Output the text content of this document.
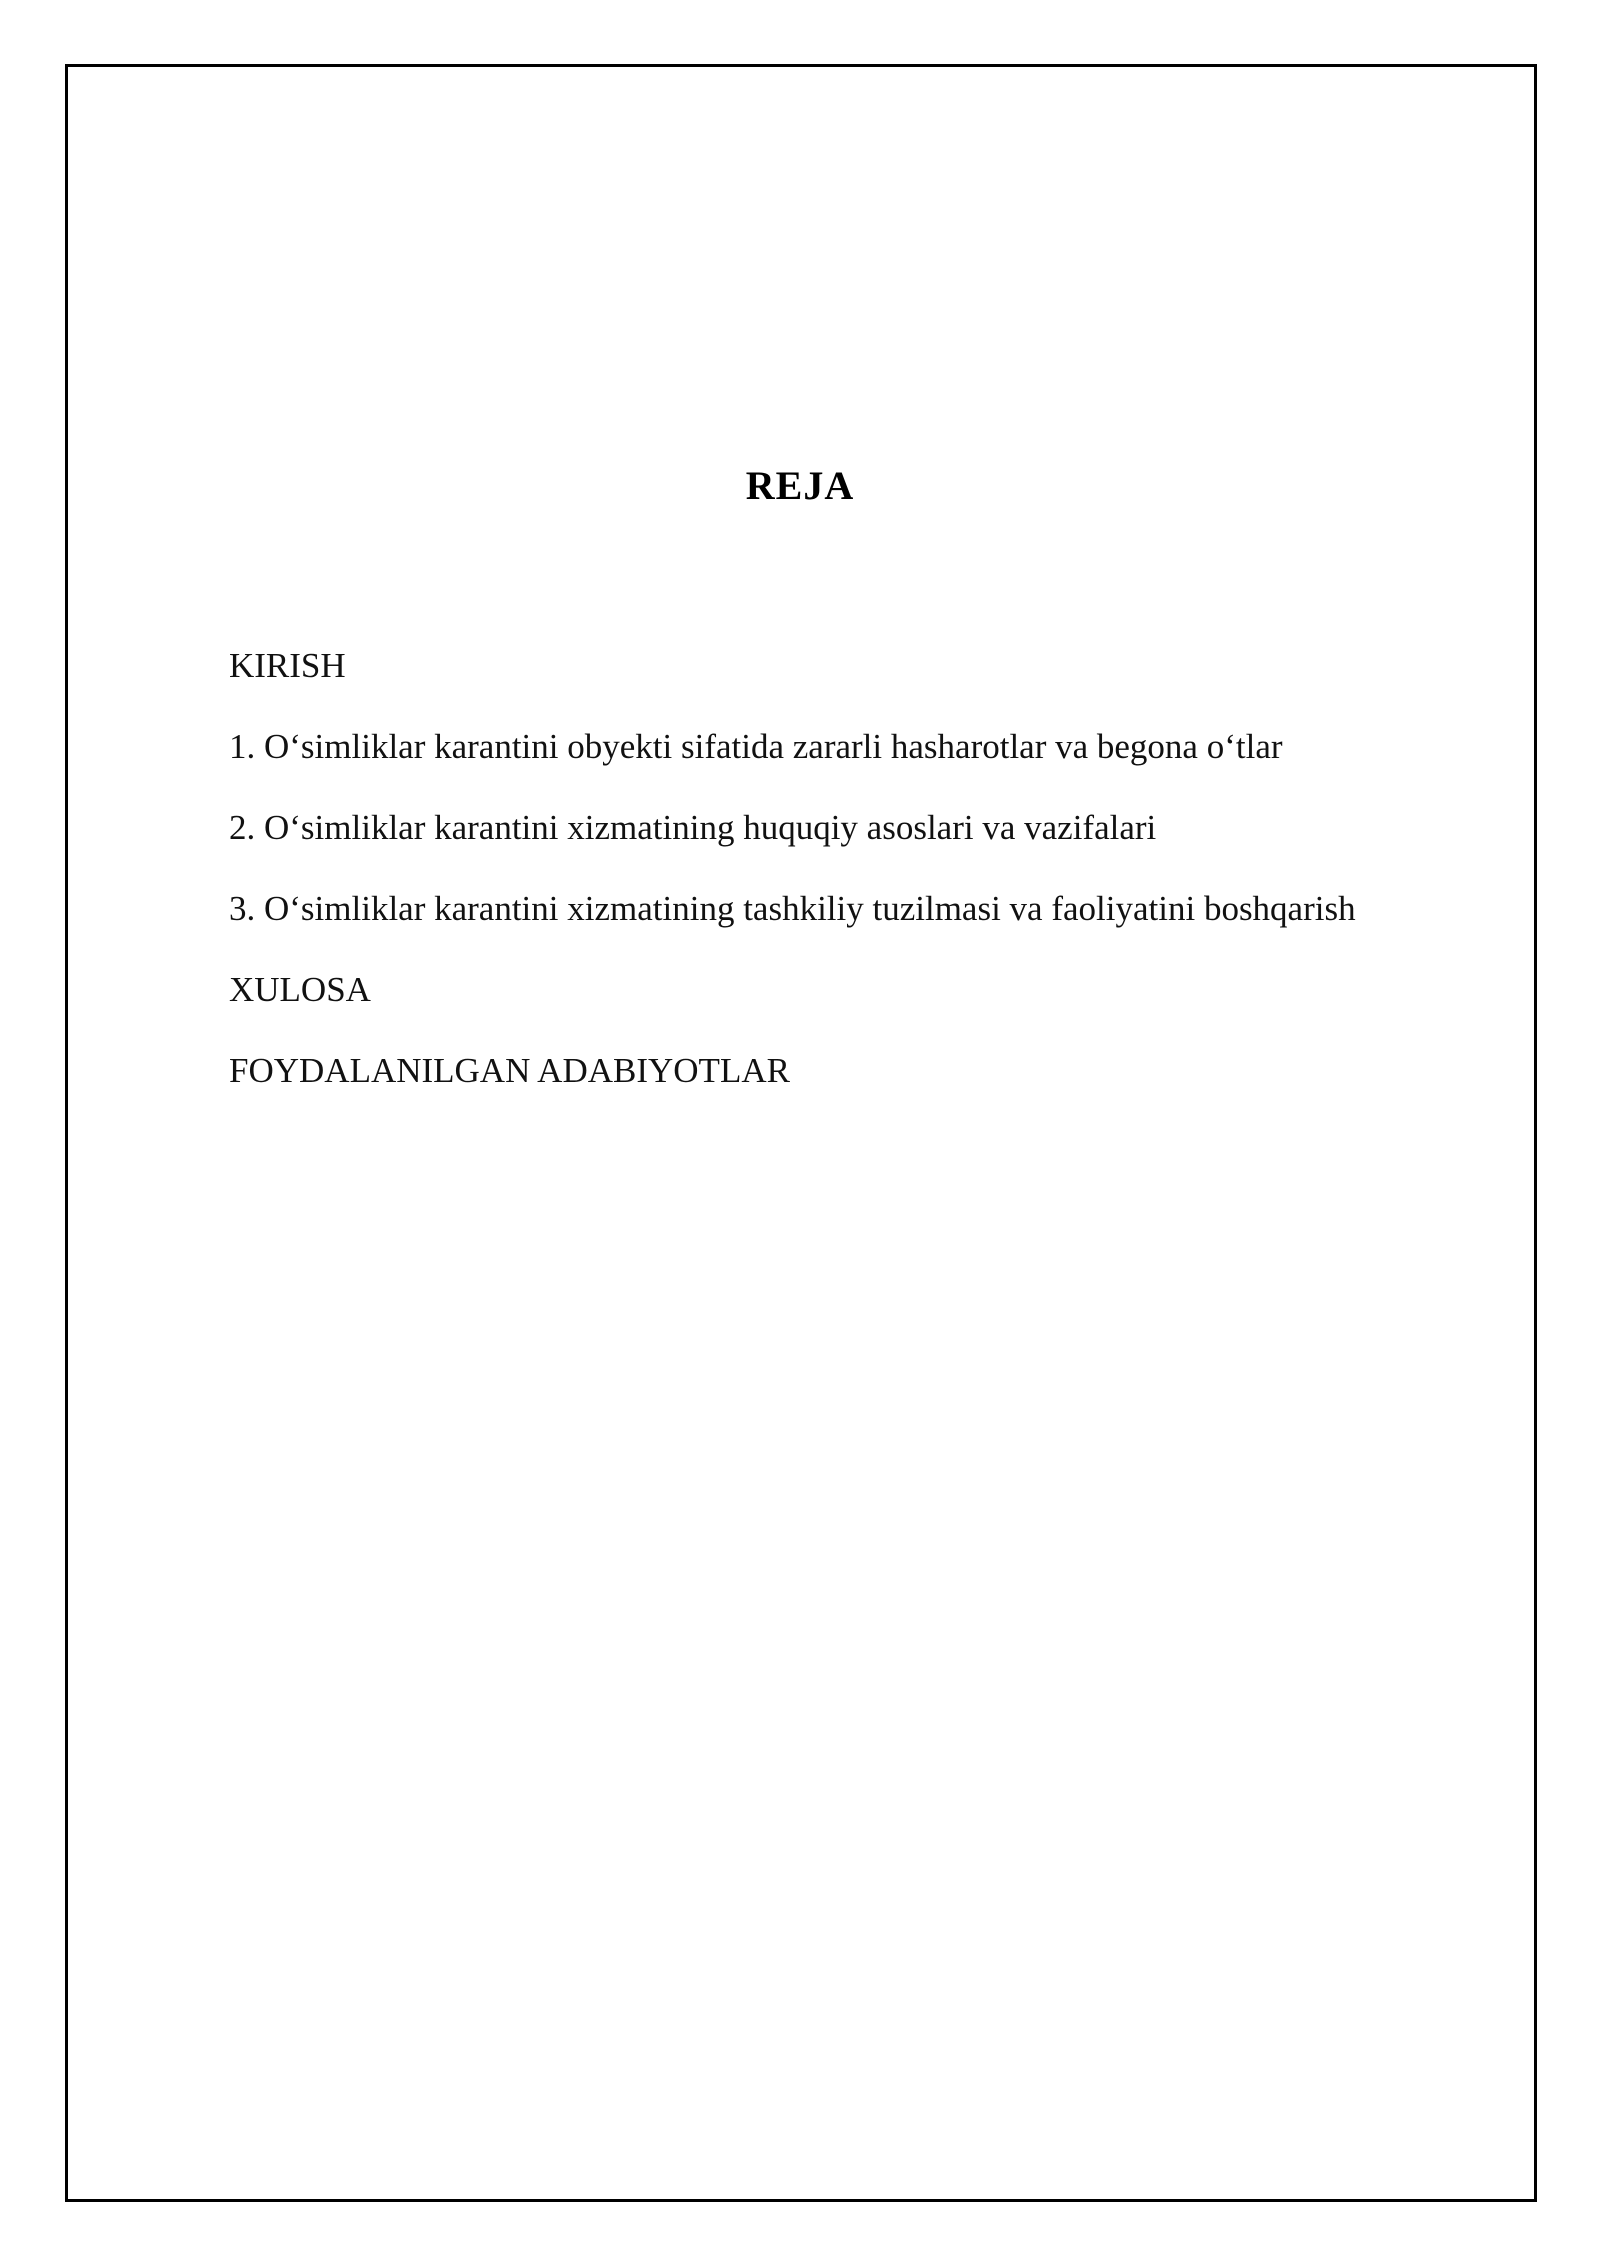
REJA
KIRISH
1. O‘simliklar karantini obyekti sifatida zararli hasharotlar va begona o‘tlar
2. O‘simliklar karantini xizmatining huquqiy asoslari va vazifalari
3. O‘simliklar karantini xizmatining tashkiliy tuzilmasi va faoliyatini boshqarish
XULOSA
FOYDALANILGAN ADABIYOTLAR
